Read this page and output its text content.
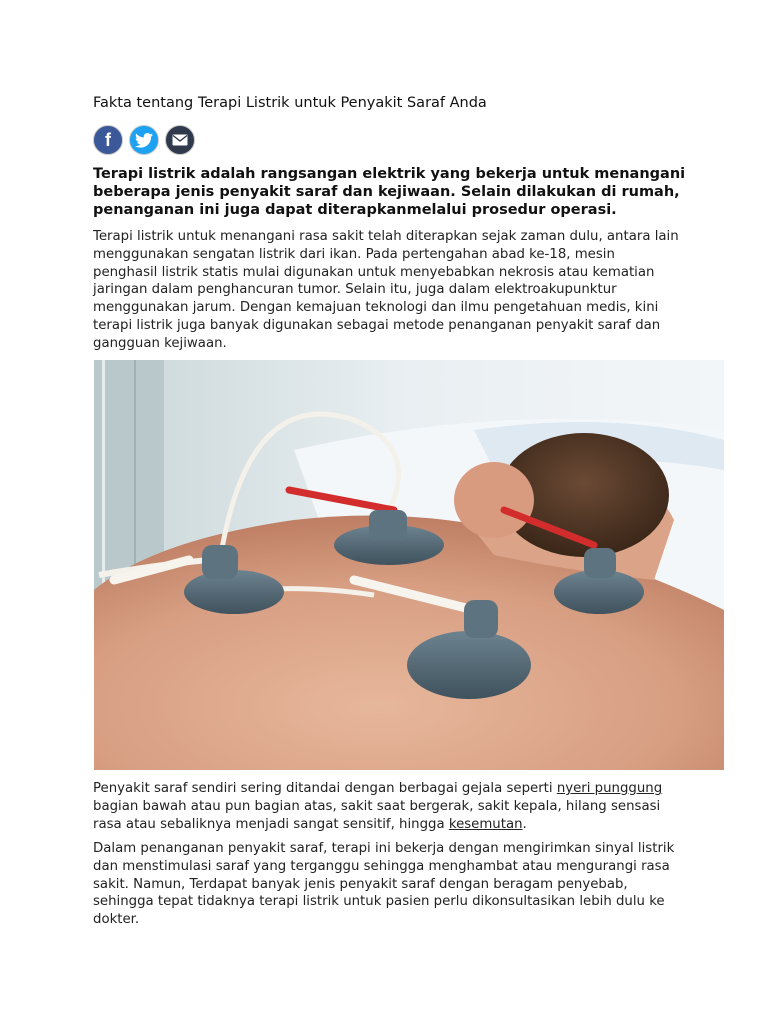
Fakta tentang Terapi Listrik untuk Penyakit Saraf Anda
f

Terapi listrik adalah rangsangan elektrik yang bekerja untuk menangani beberapa jenis penyakit saraf dan kejiwaan. Selain dilakukan di rumah, penanganan ini juga dapat diterapkanmelalui prosedur operasi.

Terapi listrik untuk menangani rasa sakit telah diterapkan sejak zaman dulu, antara lain menggunakan sengatan listrik dari ikan. Pada pertengahan abad ke-18, mesin penghasil listrik statis mulai digunakan untuk menyebabkan nekrosis atau kematian jaringan dalam penghancuran tumor. Selain itu, juga dalam elektroakupunktur menggunakan jarum. Dengan kemajuan teknologi dan ilmu pengetahuan medis, kini terapi listrik juga banyak digunakan sebagai metode penanganan penyakit saraf dan gangguan kejiwaan.

Penyakit saraf sendiri sering ditandai dengan berbagai gejala seperti nyeri punggung bagian bawah atau pun bagian atas, sakit saat bergerak, sakit kepala, hilang sensasi rasa atau sebaliknya menjadi sangat sensitif, hingga kesemutan.

Dalam penanganan penyakit saraf, terapi ini bekerja dengan mengirimkan sinyal listrik dan menstimulasi saraf yang terganggu sehingga menghambat atau mengurangi rasa sakit. Namun, Terdapat banyak jenis penyakit saraf dengan beragam penyebab, sehingga tepat tidaknya terapi listrik untuk pasien perlu dikonsultasikan lebih dulu ke dokter.
